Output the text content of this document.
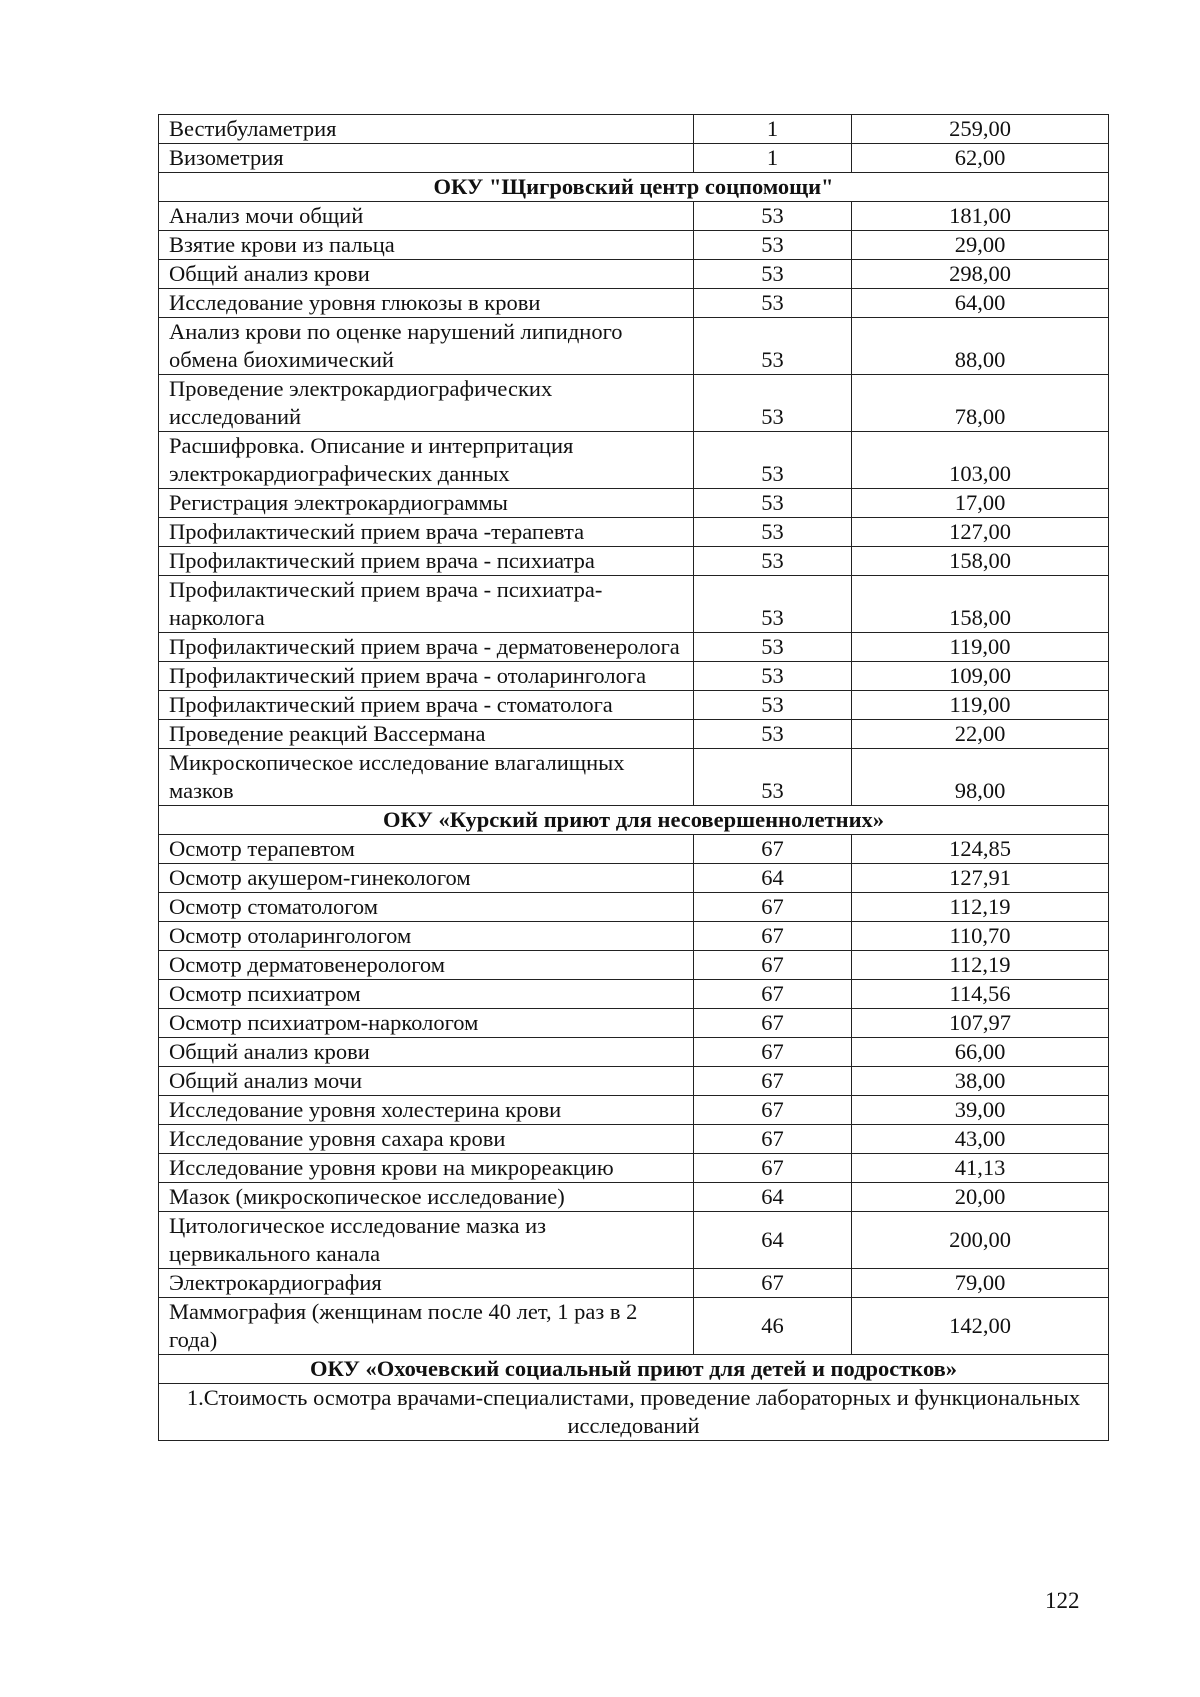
Вестибуламетрия	1	259,00
Визометрия	1	62,00
ОКУ "Щигровский центр соцпомощи"		
Анализ мочи общий	53	181,00
Взятие крови из пальца	53	29,00
Общий анализ крови	53	298,00
Исследование уровня глюкозы в крови	53	64,00
Анализ крови по оценке нарушений липидного обмена биохимический	53	88,00
Проведение электрокардиографических исследований	53	78,00
Расшифровка. Описание и интерпритация электрокардиографических данных	53	103,00
Регистрация электрокардиограммы	53	17,00
Профилактический прием врача -терапевта	53	127,00
Профилактический прием врача - психиатра	53	158,00
Профилактический прием врача - психиатра-нарколога	53	158,00
Профилактический прием врача - дерматовенеролога	53	119,00
Профилактический прием врача - отоларинголога	53	109,00
Профилактический прием врача - стоматолога	53	119,00
Проведение реакций Вассермана	53	22,00
Микроскопическое исследование влагалищных мазков	53	98,00
ОКУ «Курский приют для несовершеннолетних»		
Осмотр терапевтом	67	124,85
Осмотр акушером-гинекологом	64	127,91
Осмотр стоматологом	67	112,19
Осмотр отоларингологом	67	110,70
Осмотр дерматовенерологом	67	112,19
Осмотр психиатром	67	114,56
Осмотр психиатром-наркологом	67	107,97
Общий анализ крови	67	66,00
Общий анализ мочи	67	38,00
Исследование уровня холестерина крови	67	39,00
Исследование уровня сахара крови	67	43,00
Исследование уровня крови на микрореакцию	67	41,13
Мазок (микроскопическое исследование)	64	20,00
Цитологическое исследование мазка из цервикального канала	64	200,00
Электрокардиография	67	79,00
Маммография (женщинам после 40 лет, 1 раз в 2 года)	46	142,00
ОКУ «Охочевский социальный приют для детей и подростков»		
1.Стоимость осмотра врачами-специалистами, проведение лабораторных и функциональных исследований		
122
